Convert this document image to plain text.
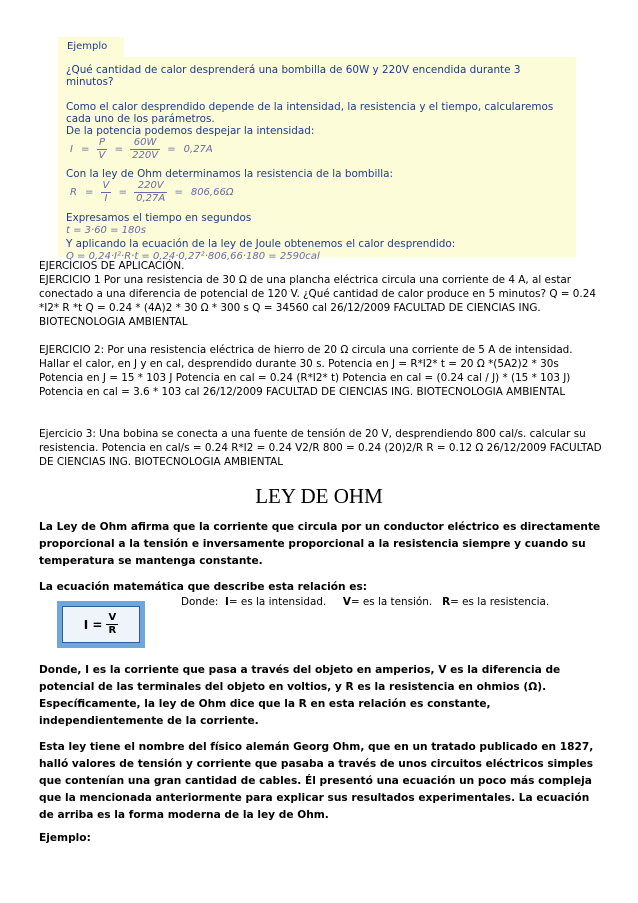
Ejemplo

¿Qué cantidad de calor desprenderá una bombilla de 60W y 220V encendida durante 3 minutos?

Como el calor desprendido depende de la intensidad, la resistencia y el tiempo, calcularemos cada uno de los parámetros.

De la potencia podemos despejar la intensidad:

$I = \frac{P}{V} = \frac{60W}{220V} = 0,27A$

Con la ley de Ohm determinamos la resistencia de la bombilla:

$R = \frac{V}{I} = \frac{220V}{0,27A} = 806,66\Omega$

Expresamos el tiempo en segundos

t = 3·60 = 180s

Y aplicando la ecuación de la ley de Joule obtenemos el calor desprendido:

Q = 0,24·I²·R·t = 0,24·0,27²·806,66·180 = 2590cal

EJERCICIOS DE APLICACIÓN.

EJERCICIO 1 Por una resistencia de 30 Ω de una plancha eléctrica circula una corriente de 4 A, al estar conectado a una diferencia de potencial de 120 V. ¿Qué cantidad de calor produce en 5 minutos? Q = 0.24 *I2* R *t Q = 0.24 * (4A)2 * 30 Ω * 300 s Q = 34560 cal 26/12/2009 FACULTAD DE CIENCIAS ING. BIOTECNOLOGIA AMBIENTAL

EJERCICIO 2: Por una resistencia eléctrica de hierro de 20 Ω circula una corriente de 5 A de intensidad. Hallar el calor, en J y en cal, desprendido durante 30 s. Potencia en J = R*I2* t = 20 Ω *(5A2)2 * 30s Potencia en J = 15 * 103 J Potencia en cal = 0.24 (R*I2* t) Potencia en cal = (0.24 cal / J) * (15 * 103 J) Potencia en cal = 3.6 * 103 cal 26/12/2009 FACULTAD DE CIENCIAS ING. BIOTECNOLOGIA AMBIENTAL

Ejercicio 3: Una bobina se conecta a una fuente de tensión de 20 V, desprendiendo 800 cal/s. calcular su resistencia. Potencia en cal/s = 0.24 R*I2 = 0.24 V2/R 800 = 0.24 (20)2/R R = 0.12 Ω 26/12/2009 FACULTAD DE CIENCIAS ING. BIOTECNOLOGIA AMBIENTAL

LEY DE OHM

La Ley de Ohm afirma que la corriente que circula por un conductor eléctrico es directamente proporcional a la tensión e inversamente proporcional a la resistencia siempre y cuando su temperatura se mantenga constante.

La ecuación matemática que describe esta relación es:

Donde: I= es la intensidad. V= es la tensión. R= es la resistencia.
$I = \frac{V}{R}$

Donde, I es la corriente que pasa a través del objeto en amperios, V es la diferencia de potencial de las terminales del objeto en voltios, y R es la resistencia en ohmios (Ω). Específicamente, la ley de Ohm dice que la R en esta relación es constante, independientemente de la corriente.

Esta ley tiene el nombre del físico alemán Georg Ohm, que en un tratado publicado en 1827, halló valores de tensión y corriente que pasaba a través de unos circuitos eléctricos simples que contenían una gran cantidad de cables. Él presentó una ecuación un poco más compleja que la mencionada anteriormente para explicar sus resultados experimentales. La ecuación de arriba es la forma moderna de la ley de Ohm.

Ejemplo:
